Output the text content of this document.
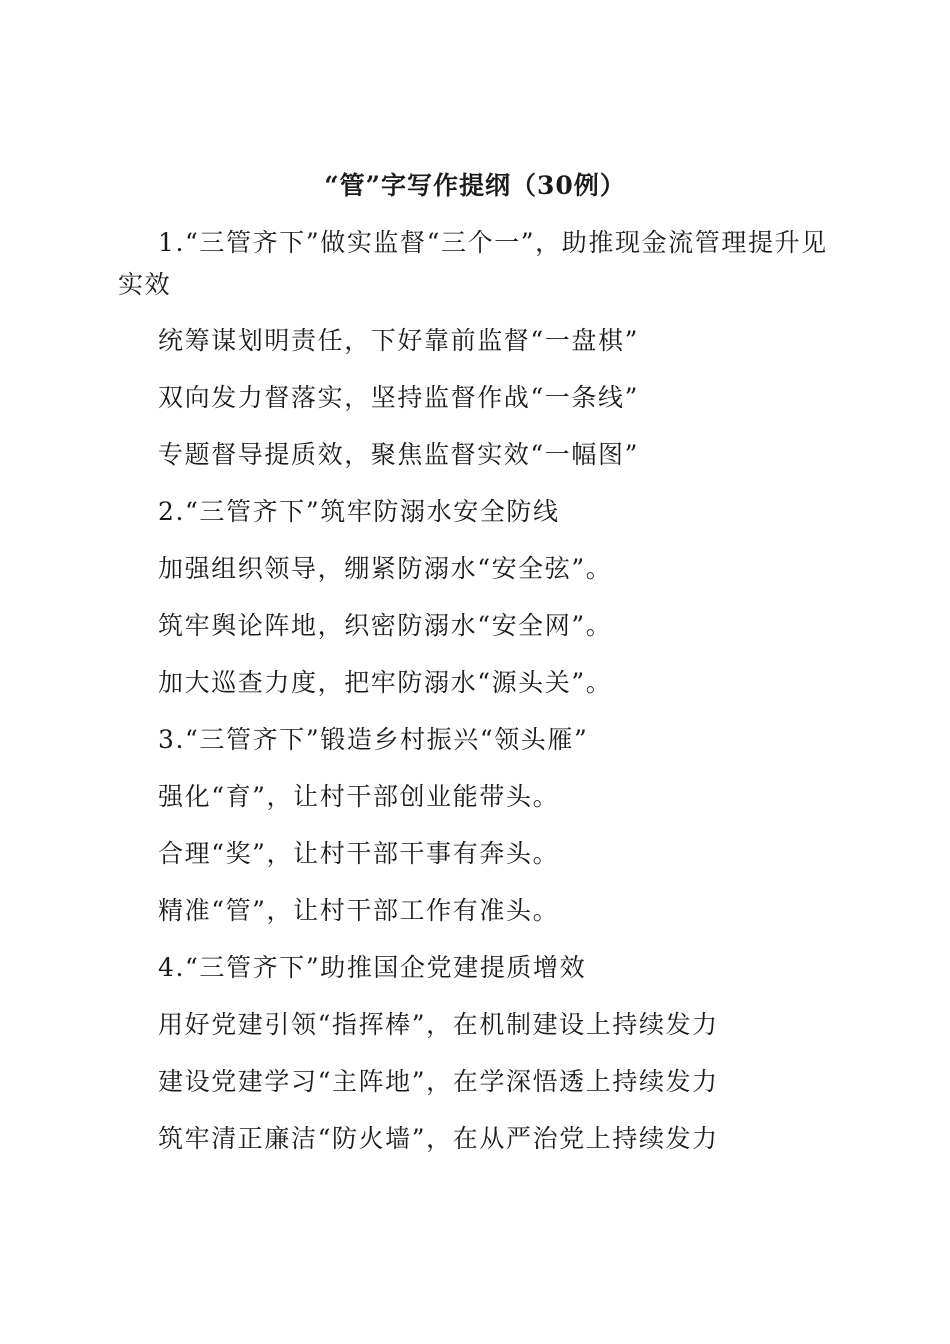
“管”字写作提纲（30例）

1.“三管齐下”做实监督“三个一”，助推现金流管理提升见实效

统筹谋划明责任，下好靠前监督“一盘棋”

双向发力督落实，坚持监督作战“一条线”

专题督导提质效，聚焦监督实效“一幅图”

2.“三管齐下”筑牢防溺水安全防线

加强组织领导，绷紧防溺水“安全弦”。

筑牢舆论阵地，织密防溺水“安全网”。

加大巡查力度，把牢防溺水“源头关”。

3.“三管齐下”锻造乡村振兴“领头雁”

强化“育”，让村干部创业能带头。

合理“奖”，让村干部干事有奔头。

精准“管”，让村干部工作有准头。

4.“三管齐下”助推国企党建提质增效

用好党建引领“指挥棒”，在机制建设上持续发力

建设党建学习“主阵地”，在学深悟透上持续发力

筑牢清正廉洁“防火墙”，在从严治党上持续发力
